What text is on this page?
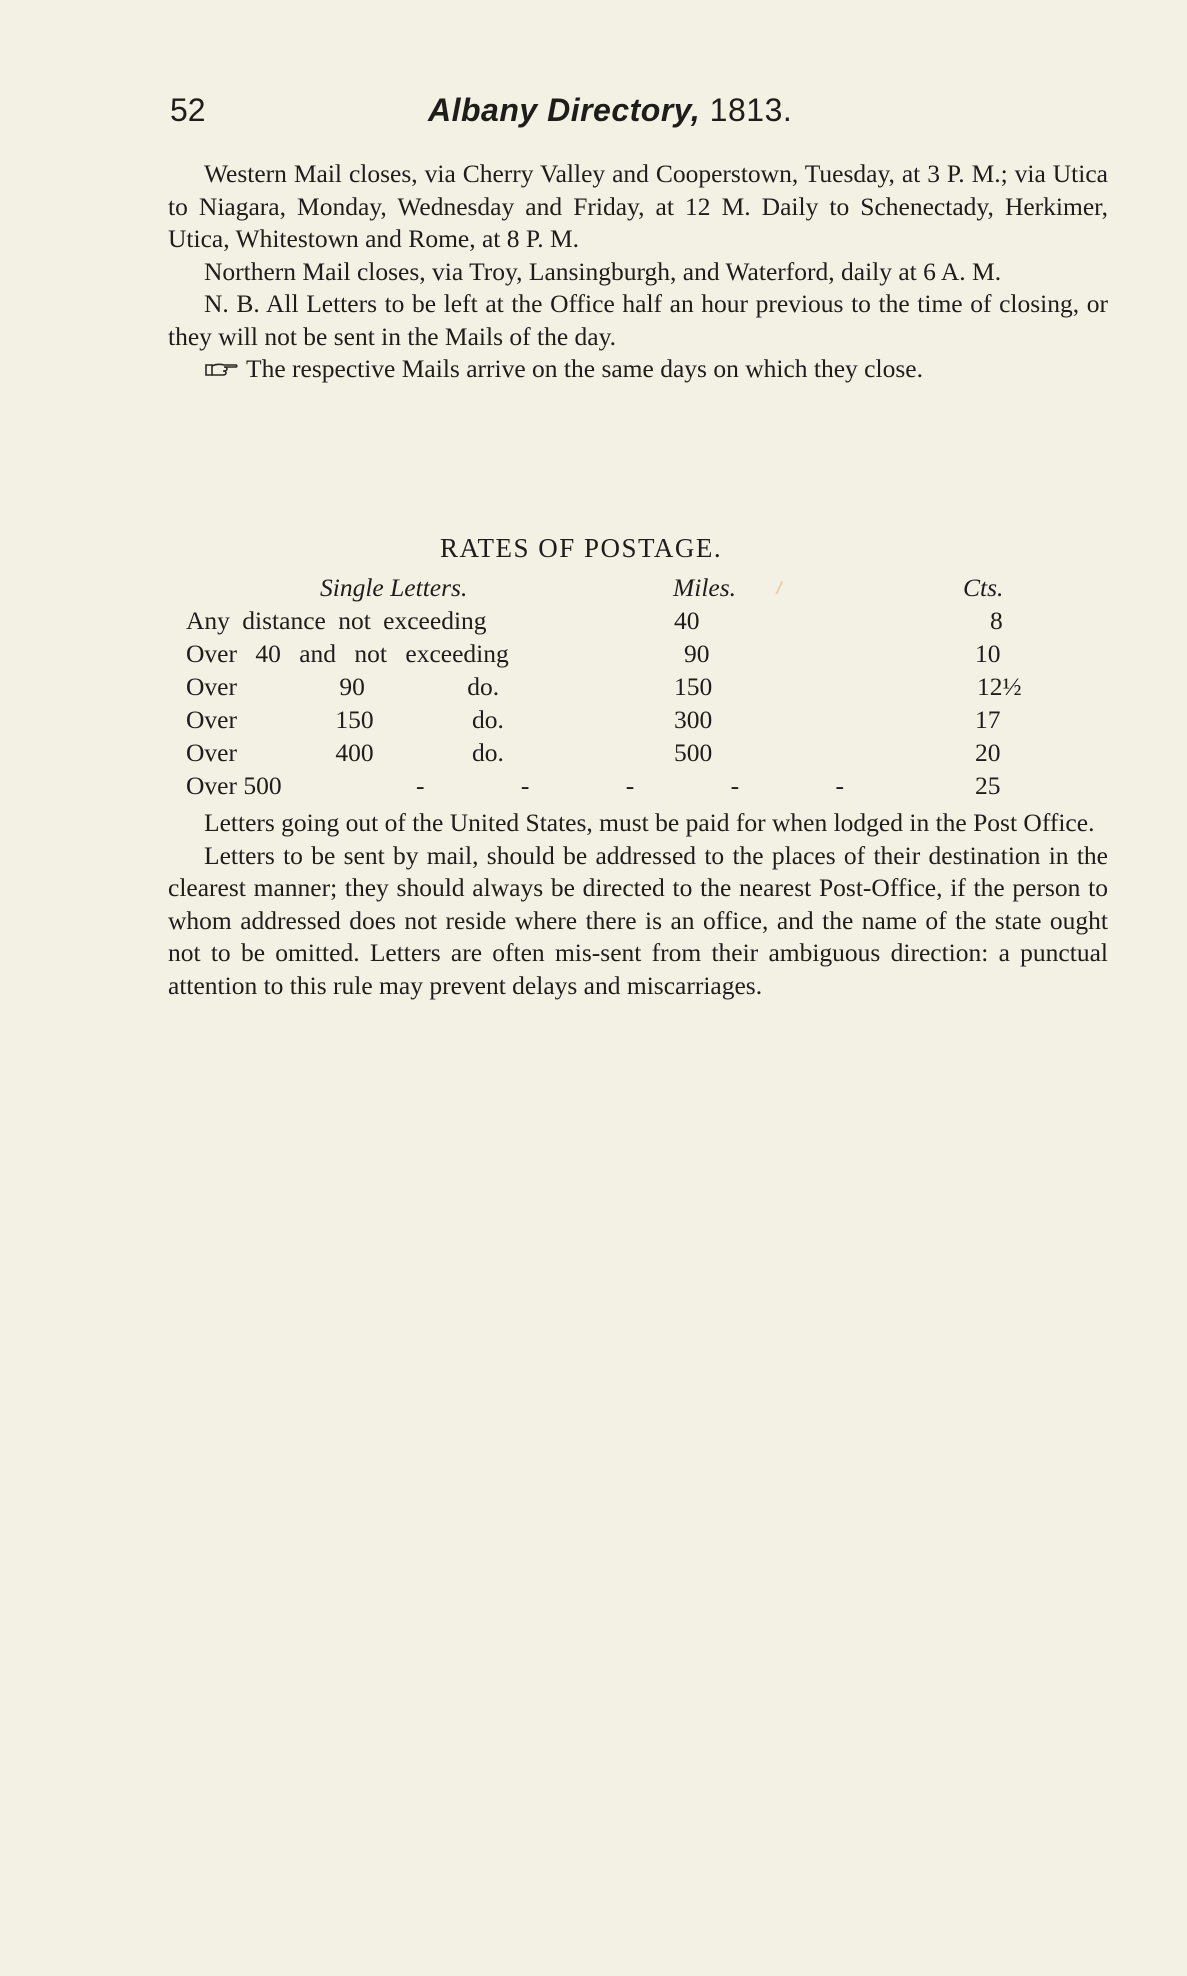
52	Albany Directory, 1813.

Western Mail closes, via Cherry Valley and Cooperstown, Tuesday, at 3 P. M.; via Utica to Niagara, Monday, Wednesday and Friday, at 12 M. Daily to Schenectady, Herkimer, Utica, Whitestown and Rome, at 8 P. M.

Northern Mail closes, via Troy, Lansingburgh, and Waterford, daily at 6 A. M.

N. B. All Letters to be left at the Office half an hour previous to the time of closing, or they will not be sent in the Mails of the day.

The respective Mails arrive on the same days on which they close.

RATES OF POSTAGE.
Single Letters.	Miles.	Cts.
Any distance not exceeding	40	8
Over 40 and not exceeding	90	10
Over 90 do.	150	12½
Over 150 do.	300	17
Over 400 do.	500	20
Over 500	- - - - -	25

Letters going out of the United States, must be paid for when lodged in the Post Office.

Letters to be sent by mail, should be addressed to the places of their destination in the clearest manner; they should always be directed to the nearest Post-Office, if the person to whom addressed does not reside where there is an office, and the name of the state ought not to be omitted. Letters are often mis-sent from their ambiguous direction: a punctual attention to this rule may prevent delays and miscarriages.
